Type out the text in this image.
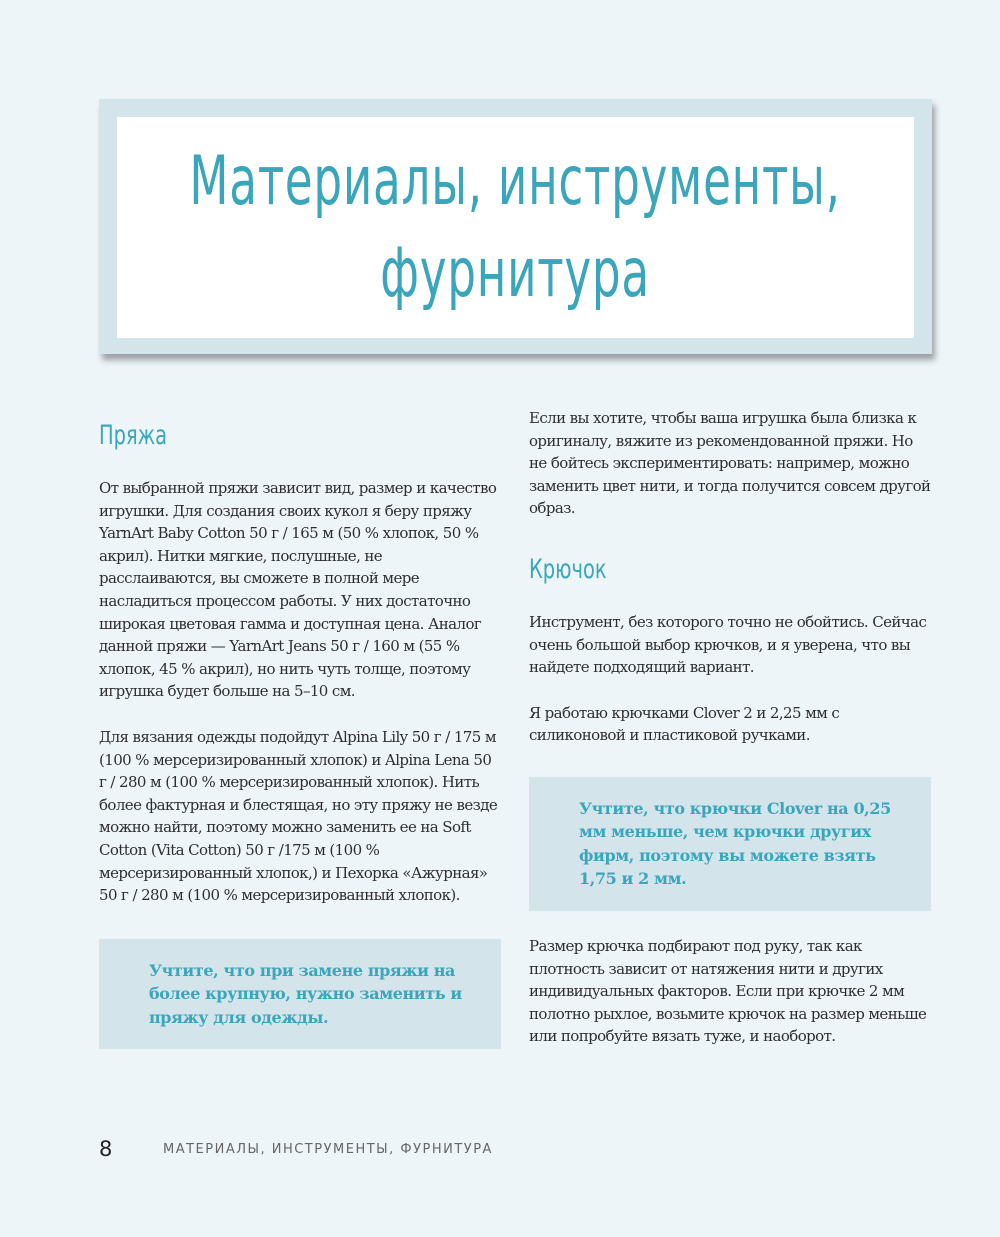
Материалы, инструменты,
фурнитура
Пряжа

От выбранной пряжи зависит вид, размер и качество игрушки. Для создания своих кукол я беру пряжу YarnArt Baby Cotton 50 г / 165 м (50 % хлопок, 50 % акрил). Нитки мягкие, послушные, не расслаиваются, вы сможете в полной мере насладиться процессом работы. У них достаточно широкая цветовая гамма и доступная цена. Аналог данной пряжи — YarnArt Jeans 50 г / 160 м (55 % хлопок, 45 % акрил), но нить чуть толще, поэтому игрушка будет больше на 5–10 см.

Для вязания одежды подойдут Alpina Lily 50 г / 175 м (100 % мерсеризированный хлопок) и Alpina Lena 50 г / 280 м (100 % мерсеризированный хлопок). Нить более фактурная и блестящая, но эту пряжу не везде можно найти, поэтому можно заменить ее на Soft Cotton (Vita Cotton) 50 г /175 м (100 % мерсеризированный хлопок,) и Пехорка «Ажурная» 50 г / 280 м (100 % мерсеризированный хлопок).

Учтите, что при замене пряжи на более крупную, нужно заменить и пряжу для одежды.

Если вы хотите, чтобы ваша игрушка была близка к оригиналу, вяжите из рекомендованной пряжи. Но не бойтесь экспериментировать: например, можно заменить цвет нити, и тогда получится совсем другой образ.

Крючок

Инструмент, без которого точно не обойтись. Сейчас очень большой выбор крючков, и я уверена, что вы найдете подходящий вариант.

Я работаю крючками Clover 2 и 2,25 мм с силиконовой и пластиковой ручками.

Учтите, что крючки Clover на 0,25 мм меньше, чем крючки других фирм, поэтому вы можете взять 1,75 и 2 мм.

Размер крючка подбирают под руку, так как плотность зависит от натяжения нити и других индивидуальных факторов. Если при крючке 2 мм полотно рыхлое, возьмите крючок на размер меньше или попробуйте вязать туже, и наоборот.

8	МАТЕРИАЛЫ, ИНСТРУМЕНТЫ, ФУРНИТУРА
